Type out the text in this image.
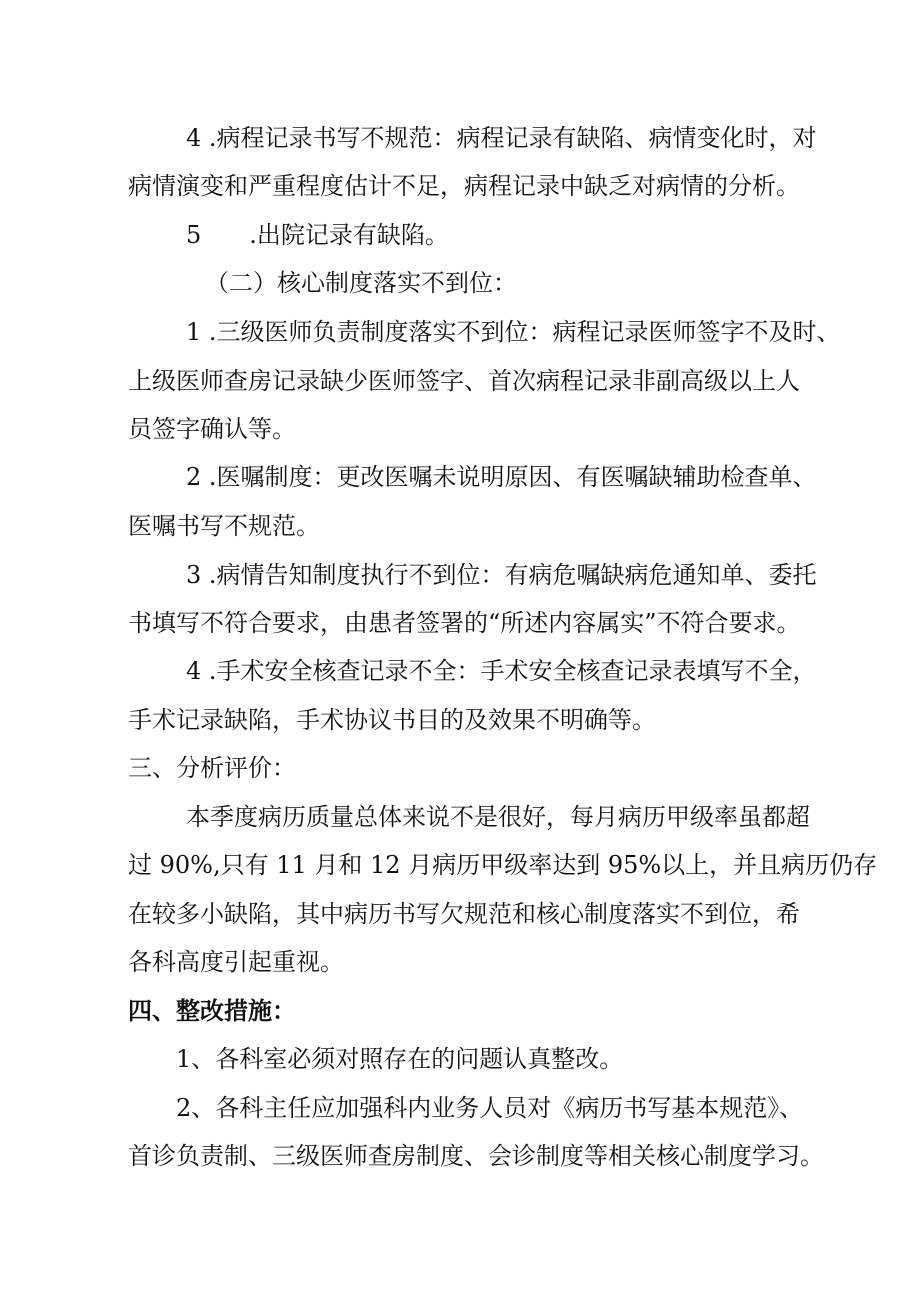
4 .病程记录书写不规范：病程记录有缺陷、病情变化时，对
病情演变和严重程度估计不足，病程记录中缺乏对病情的分析。
5　　.出院记录有缺陷。
（二）核心制度落实不到位：
1 .三级医师负责制度落实不到位：病程记录医师签字不及时、
上级医师查房记录缺少医师签字、首次病程记录非副高级以上人
员签字确认等。
2 .医嘱制度：更改医嘱未说明原因、有医嘱缺辅助检查单、
医嘱书写不规范。
3 .病情告知制度执行不到位：有病危嘱缺病危通知单、委托
书填写不符合要求，由患者签署的“所述内容属实”不符合要求。
4 .手术安全核查记录不全：手术安全核查记录表填写不全，
手术记录缺陷，手术协议书目的及效果不明确等。
三、分析评价：
本季度病历质量总体来说不是很好，每月病历甲级率虽都超
过 90%,只有 11 月和 12 月病历甲级率达到 95%以上，并且病历仍存
在较多小缺陷，其中病历书写欠规范和核心制度落实不到位，希
各科高度引起重视。
四、整改措施：
1、各科室必须对照存在的问题认真整改。
2、各科主任应加强科内业务人员对《病历书写基本规范》、
首诊负责制、三级医师查房制度、会诊制度等相关核心制度学习。
